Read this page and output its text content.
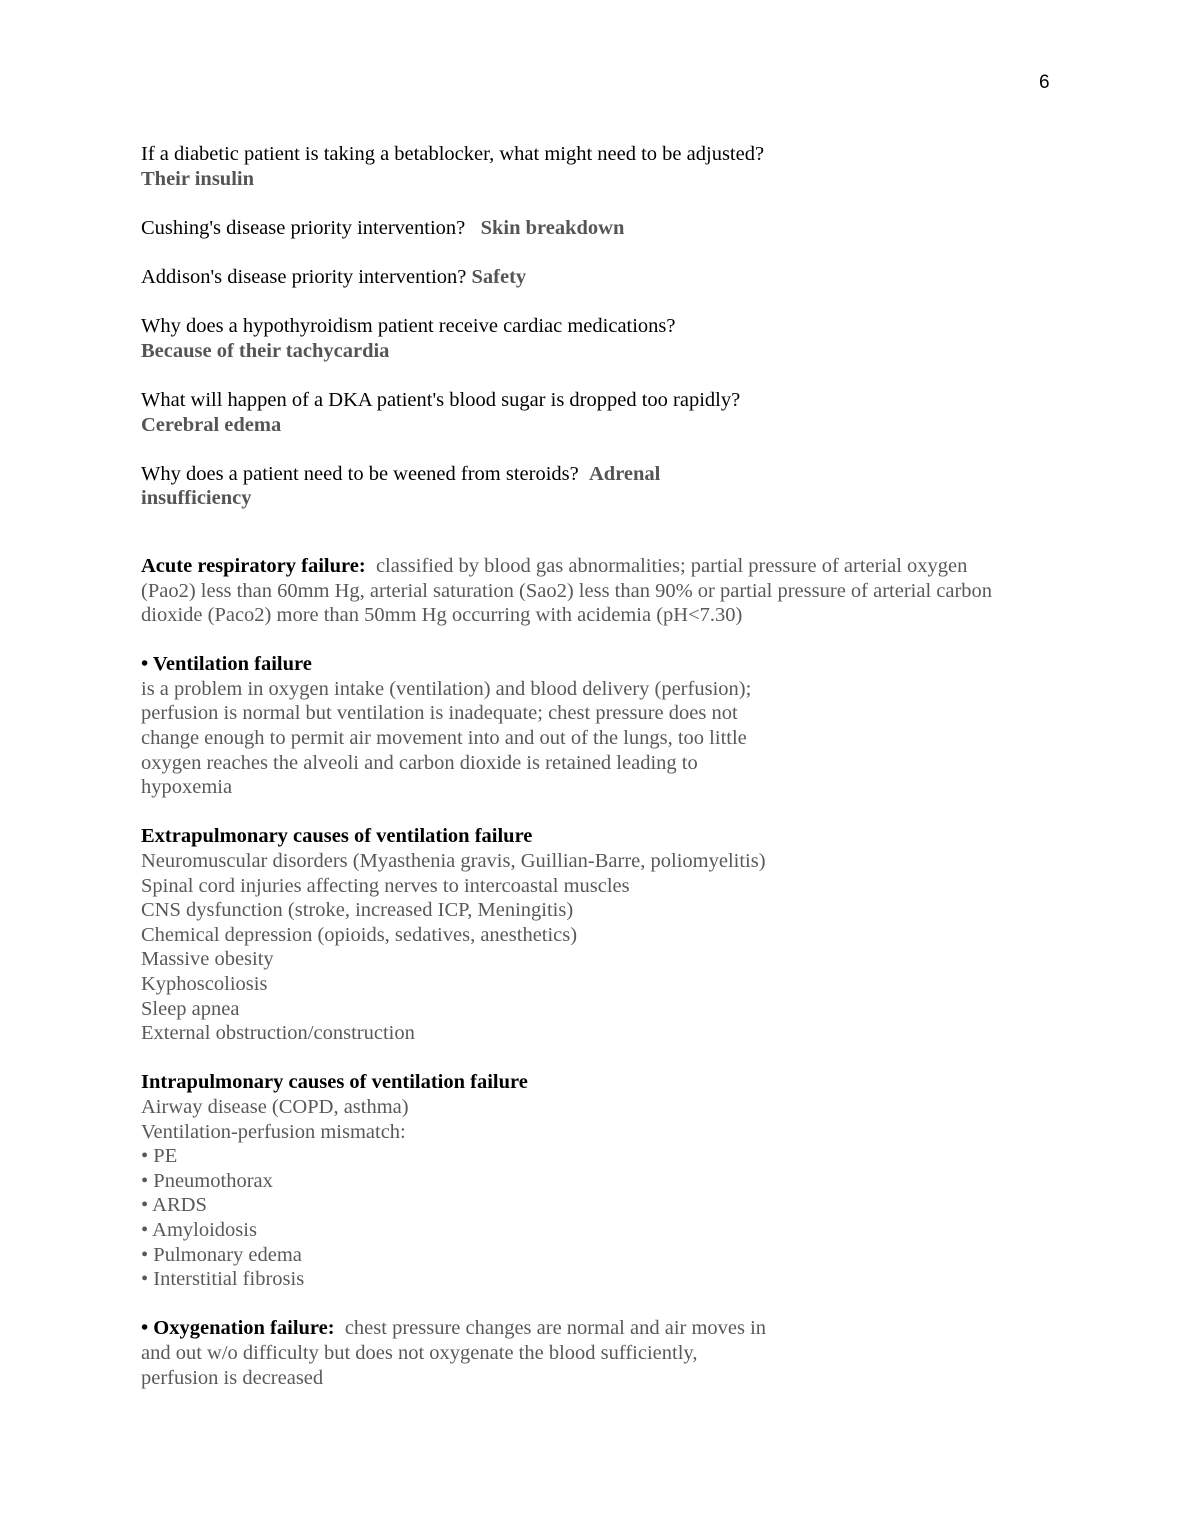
6
If a diabetic patient is taking a betablocker, what might need to be adjusted?
Their insulin
Cushing's disease priority intervention? Skin breakdown
Addison's disease priority intervention? Safety
Why does a hypothyroidism patient receive cardiac medications?
Because of their tachycardia
What will happen of a DKA patient's blood sugar is dropped too rapidly?
Cerebral edema
Why does a patient need to be weened from steroids? Adrenal
insufficiency
Acute respiratory failure: classified by blood gas abnormalities; partial pressure of arterial oxygen
(Pao2) less than 60mm Hg, arterial saturation (Sao2) less than 90% or partial pressure of arterial carbon
dioxide (Paco2) more than 50mm Hg occurring with acidemia (pH<7.30)
• Ventilation failure
is a problem in oxygen intake (ventilation) and blood delivery (perfusion);
perfusion is normal but ventilation is inadequate; chest pressure does not
change enough to permit air movement into and out of the lungs, too little
oxygen reaches the alveoli and carbon dioxide is retained leading to
hypoxemia
Extrapulmonary causes of ventilation failure
Neuromuscular disorders (Myasthenia gravis, Guillian-Barre, poliomyelitis)
Spinal cord injuries affecting nerves to intercoastal muscles
CNS dysfunction (stroke, increased ICP, Meningitis)
Chemical depression (opioids, sedatives, anesthetics)
Massive obesity
Kyphoscoliosis
Sleep apnea
External obstruction/construction
Intrapulmonary causes of ventilation failure
Airway disease (COPD, asthma)
Ventilation-perfusion mismatch:
• PE
• Pneumothorax
• ARDS
• Amyloidosis
• Pulmonary edema
• Interstitial fibrosis
• Oxygenation failure: chest pressure changes are normal and air moves in
and out w/o difficulty but does not oxygenate the blood sufficiently,
perfusion is decreased
